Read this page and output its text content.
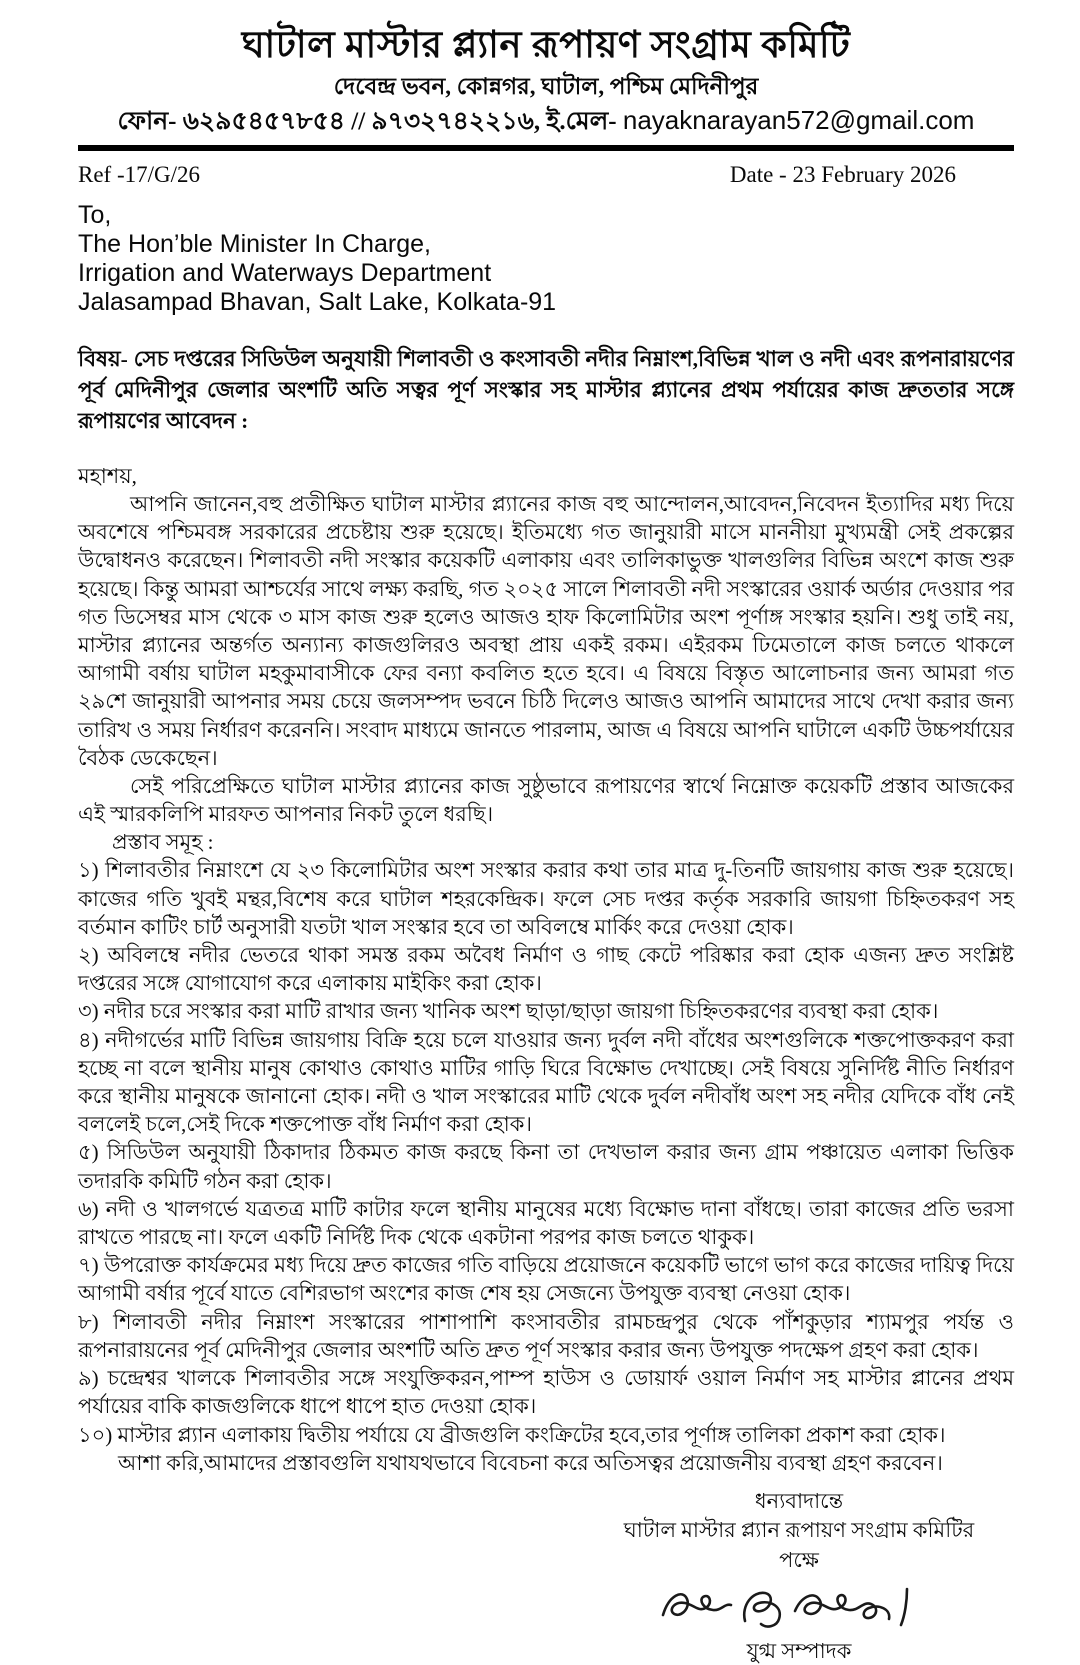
ঘাটাল মাস্টার প্ল্যান রূপায়ণ সংগ্রাম কমিটি
দেবেন্দ্র ভবন, কোন্নগর, ঘাটাল, পশ্চিম মেদিনীপুর
ফোন- ৬২৯৫৪৫৭৮৫৪ // ৯৭৩২৭৪২২১৬, ই.মেল- nayaknarayan572@gmail.com
Ref -17/G/26	Date - 23 February 2026
To,
The Hon’ble Minister In Charge,
Irrigation and Waterways Department
Jalasampad Bhavan, Salt Lake, Kolkata-91
বিষয়- সেচ দপ্তরের সিডিউল অনুযায়ী শিলাবতী ও কংসাবতী নদীর নিম্নাংশ,বিভিন্ন খাল ও নদী এবং রূপনারায়ণের পূর্ব মেদিনীপুর জেলার অংশটি অতি সত্বর পূর্ণ সংস্কার সহ মাস্টার প্ল্যানের প্রথম পর্যায়ের কাজ দ্রুততার সঙ্গে রূপায়ণের আবেদন :
মহাশয়,

আপনি জানেন,বহু প্রতীক্ষিত ঘাটাল মাস্টার প্ল্যানের কাজ বহু আন্দোলন,আবেদন,নিবেদন ইত্যাদির মধ্য দিয়ে অবশেষে পশ্চিমবঙ্গ সরকারের প্রচেষ্টায় শুরু হয়েছে। ইতিমধ্যে গত জানুয়ারী মাসে মাননীয়া মুখ্যমন্ত্রী সেই প্রকল্পের উদ্বোধনও করেছেন। শিলাবতী নদী সংস্কার কয়েকটি এলাকায় এবং তালিকাভুক্ত খালগুলির বিভিন্ন অংশে কাজ শুরু হয়েছে। কিন্তু আমরা আশ্চর্যের সাথে লক্ষ্য করছি, গত ২০২৫ সালে শিলাবতী নদী সংস্কারের ওয়ার্ক অর্ডার দেওয়ার পর গত ডিসেম্বর মাস থেকে ৩ মাস কাজ শুরু হলেও আজও হাফ কিলোমিটার অংশ পূর্ণাঙ্গ সংস্কার হয়নি। শুধু তাই নয়, মাস্টার প্ল্যানের অন্তর্গত অন্যান্য কাজগুলিরও অবস্থা প্রায় একই রকম। এইরকম ঢিমেতালে কাজ চলতে থাকলে আগামী বর্ষায় ঘাটাল মহকুমাবাসীকে ফের বন্যা কবলিত হতে হবে। এ বিষয়ে বিস্তৃত আলোচনার জন্য আমরা গত ২৯শে জানুয়ারী আপনার সময় চেয়ে জলসম্পদ ভবনে চিঠি দিলেও আজও আপনি আমাদের সাথে দেখা করার জন্য তারিখ ও সময় নির্ধারণ করেননি। সংবাদ মাধ্যমে জানতে পারলাম, আজ এ বিষয়ে আপনি ঘাটালে একটি উচ্চপর্যায়ের বৈঠক ডেকেছেন।

সেই পরিপ্রেক্ষিতে ঘাটাল মাস্টার প্ল্যানের কাজ সুষ্ঠুভাবে রূপায়ণের স্বার্থে নিম্নোক্ত কয়েকটি প্রস্তাব আজকের এই স্মারকলিপি মারফত আপনার নিকট তুলে ধরছি।

প্রস্তাব সমূহ :

১) শিলাবতীর নিম্নাংশে যে ২৩ কিলোমিটার অংশ সংস্কার করার কথা তার মাত্র দু-তিনটি জায়গায় কাজ শুরু হয়েছে। কাজের গতি খুবই মন্থর,বিশেষ করে ঘাটাল শহরকেন্দ্রিক। ফলে সেচ দপ্তর কর্তৃক সরকারি জায়গা চিহ্নিতকরণ সহ বর্তমান কাটিং চার্ট অনুসারী যতটা খাল সংস্কার হবে তা অবিলম্বে মার্কিং করে দেওয়া হোক।

২) অবিলম্বে নদীর ভেতরে থাকা সমস্ত রকম অবৈধ নির্মাণ ও গাছ কেটে পরিষ্কার করা হোক এজন্য দ্রুত সংশ্লিষ্ট দপ্তরের সঙ্গে যোগাযোগ করে এলাকায় মাইকিং করা হোক।

৩) নদীর চরে সংস্কার করা মাটি রাখার জন্য খানিক অংশ ছাড়া/ছাড়া জায়গা চিহ্নিতকরণের ব্যবস্থা করা হোক।

৪) নদীগর্ভের মাটি বিভিন্ন জায়গায় বিক্রি হয়ে চলে যাওয়ার জন্য দুর্বল নদী বাঁধের অংশগুলিকে শক্তপোক্তকরণ করা হচ্ছে না বলে স্থানীয় মানুষ কোথাও কোথাও মাটির গাড়ি ঘিরে বিক্ষোভ দেখাচ্ছে। সেই বিষয়ে সুনির্দিষ্ট নীতি নির্ধারণ করে স্থানীয় মানুষকে জানানো হোক। নদী ও খাল সংস্কারের মাটি থেকে দুর্বল নদীবাঁধ অংশ সহ নদীর যেদিকে বাঁধ নেই বললেই চলে,সেই দিকে শক্তপোক্ত বাঁধ নির্মাণ করা হোক।

৫) সিডিউল অনুযায়ী ঠিকাদার ঠিকমত কাজ করছে কিনা তা দেখভাল করার জন্য গ্রাম পঞ্চায়েত এলাকা ভিত্তিক তদারকি কমিটি গঠন করা হোক।

৬) নদী ও খালগর্ভে যত্রতত্র মাটি কাটার ফলে স্থানীয় মানুষের মধ্যে বিক্ষোভ দানা বাঁধছে। তারা কাজের প্রতি ভরসা রাখতে পারছে না। ফলে একটি নির্দিষ্ট দিক থেকে একটানা পরপর কাজ চলতে থাকুক।

৭) উপরোক্ত কার্যক্রমের মধ্য দিয়ে দ্রুত কাজের গতি বাড়িয়ে প্রয়োজনে কয়েকটি ভাগে ভাগ করে কাজের দায়িত্ব দিয়ে আগামী বর্ষার পূর্বে যাতে বেশিরভাগ অংশের কাজ শেষ হয় সেজন্যে উপযুক্ত ব্যবস্থা নেওয়া হোক।

৮) শিলাবতী নদীর নিম্নাংশ সংস্কারের পাশাপাশি কংসাবতীর রামচন্দ্রপুর থেকে পাঁশকুড়ার শ্যামপুর পর্যন্ত ও রূপনারায়নের পূর্ব মেদিনীপুর জেলার অংশটি অতি দ্রুত পূর্ণ সংস্কার করার জন্য উপযুক্ত পদক্ষেপ গ্রহণ করা হোক।

৯) চন্দ্রেশ্বর খালকে শিলাবতীর সঙ্গে সংযুক্তিকরন,পাম্প হাউস ও ডোয়ার্ফ ওয়াল নির্মাণ সহ মাস্টার প্লানের প্রথম পর্যায়ের বাকি কাজগুলিকে ধাপে ধাপে হাত দেওয়া হোক।

১০) মাস্টার প্ল্যান এলাকায় দ্বিতীয় পর্যায়ে যে ব্রীজগুলি কংক্রিটের হবে,তার পূর্ণাঙ্গ তালিকা প্রকাশ করা হোক।

আশা করি,আমাদের প্রস্তাবগুলি যথাযথভাবে বিবেচনা করে অতিসত্বর প্রয়োজনীয় ব্যবস্থা গ্রহণ করবেন।
ধন্যবাদান্তে
ঘাটাল মাস্টার প্ল্যান রূপায়ণ সংগ্রাম কমিটির পক্ষে
যুগ্ম সম্পাদক
